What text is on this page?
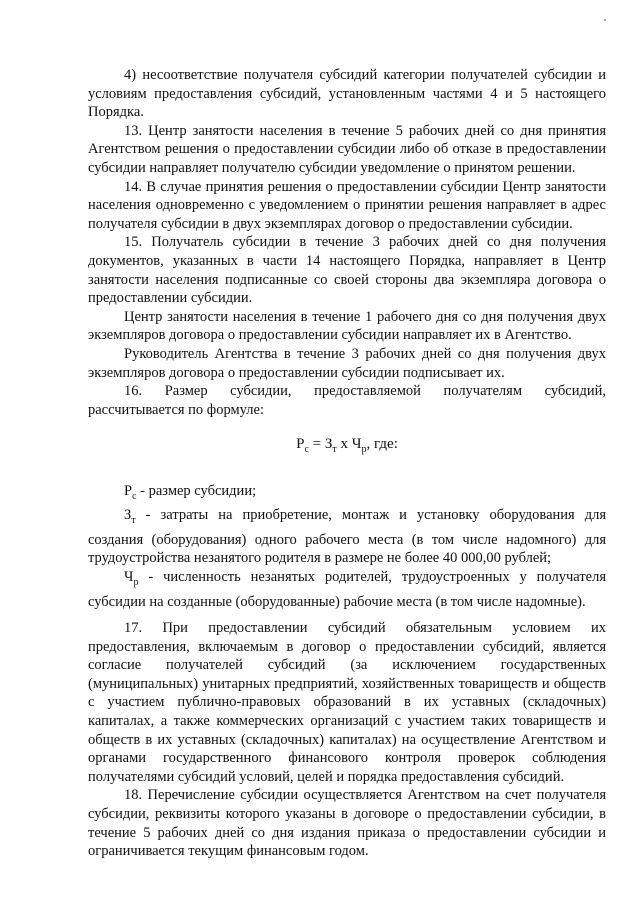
4) несоответствие получателя субсидий категории получателей субсидии и условиям предоставления субсидий, установленным частями 4 и 5 настоящего Порядка.

13. Центр занятости населения в течение 5 рабочих дней со дня принятия Агентством решения о предоставлении субсидии либо об отказе в предоставлении субсидии направляет получателю субсидии уведомление о принятом решении.

14. В случае принятия решения о предоставлении субсидии Центр занятости населения одновременно с уведомлением о принятии решения направляет в адрес получателя субсидии в двух экземплярах договор о предоставлении субсидии.

15. Получатель субсидии в течение 3 рабочих дней со дня получения документов, указанных в части 14 настоящего Порядка, направляет в Центр занятости населения подписанные со своей стороны два экземпляра договора о предоставлении субсидии.

Центр занятости населения в течение 1 рабочего дня со дня получения двух экземпляров договора о предоставлении субсидии направляет их в Агентство.

Руководитель Агентства в течение 3 рабочих дней со дня получения двух экземпляров договора о предоставлении субсидии подписывает их.

16. Размер субсидии, предоставляемой получателям субсидий, рассчитывается по формуле:

$Р_с = З_т$ х $Ч_р$, где:

$Р_с$ - размер субсидии;

$З_т$ - затраты на приобретение, монтаж и установку оборудования для создания (оборудования) одного рабочего места (в том числе надомного) для трудоустройства незанятого родителя в размере не более 40 000,00 рублей;

$Ч_р$ - численность незанятых родителей, трудоустроенных у получателя субсидии на созданные (оборудованные) рабочие места (в том числе надомные).

17. При предоставлении субсидий обязательным условием их предоставления, включаемым в договор о предоставлении субсидий, является согласие получателей субсидий (за исключением государственных (муниципальных) унитарных предприятий, хозяйственных товариществ и обществ с участием публично-правовых образований в их уставных (складочных) капиталах, а также коммерческих организаций с участием таких товариществ и обществ в их уставных (складочных) капиталах) на осуществление Агентством и органами государственного финансового контроля проверок соблюдения получателями субсидий условий, целей и порядка предоставления субсидий.

18. Перечисление субсидии осуществляется Агентством на счет получателя субсидии, реквизиты которого указаны в договоре о предоставлении субсидии, в течение 5 рабочих дней со дня издания приказа о предоставлении субсидии и ограничивается текущим финансовым годом.
